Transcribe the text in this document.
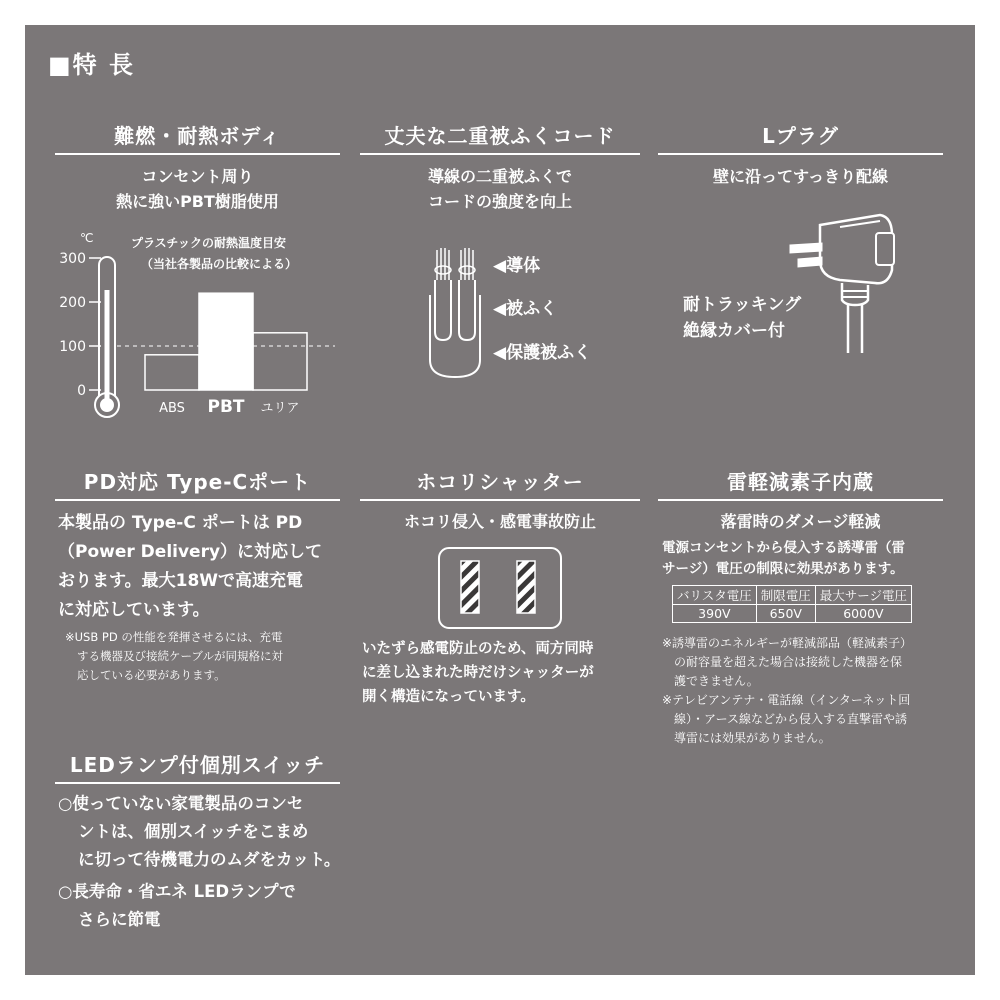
■特 長
難燃・耐熱ボディ
コンセント周り
熱に強いPBT樹脂使用
プラスチックの耐熱温度目安
（当社各製品の比較による）
℃
0
100
200
300
ABS PBT ユリア
丈夫な二重被ふくコード
導線の二重被ふくで
コードの強度を向上
◀導体
◀被ふく
◀保護被ふく
Lプラグ
壁に沿ってすっきり配線
耐トラッキング
絶縁カバー付
PD対応 Type-Cポート
本製品の Type-C ポートは PD
（Power Delivery）に対応して
おります。最大18Wで高速充電
に対応しています。
※USB PD の性能を発揮させるには、充電
する機器及び接続ケーブルが同規格に対
応している必要があります。
ホコリシャッター
ホコリ侵入・感電事故防止
いたずら感電防止のため、両方同時
に差し込まれた時だけシャッターが
開く構造になっています。
雷軽減素子内蔵
落雷時のダメージ軽減
電源コンセントから侵入する誘導雷（雷
サージ）電圧の制限に効果があります。
バリスタ電圧	制限電圧	最大サージ電圧
390V	650V	6000V
※誘導雷のエネルギーが軽減部品（軽減素子）
の耐容量を超えた場合は接続した機器を保
護できません。
※テレビアンテナ・電話線（インターネット回
線）・アース線などから侵入する直撃雷や誘
導雷には効果がありません。
LEDランプ付個別スイッチ
○使っていない家電製品のコンセ
ントは、個別スイッチをこまめ
に切って待機電力のムダをカット。
○長寿命・省エネ LEDランプで
さらに節電
